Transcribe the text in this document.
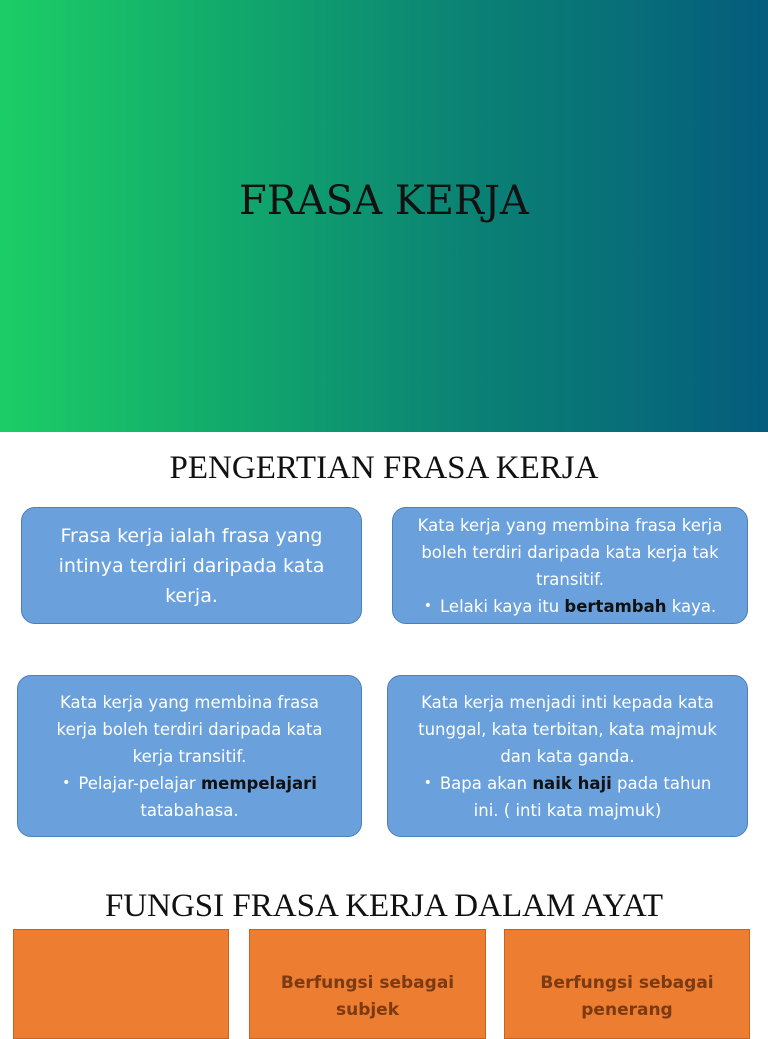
FRASA KERJA
PENGERTIAN FRASA KERJA
Frasa kerja ialah frasa yang
intinya terdiri daripada kata
kerja.
Kata kerja yang membina frasa kerja
boleh terdiri daripada kata kerja tak
transitif.
• Lelaki kaya itu bertambah kaya.
Kata kerja yang membina frasa
kerja boleh terdiri daripada kata
kerja transitif.
• Pelajar-pelajar mempelajari
tatabahasa.
Kata kerja menjadi inti kepada kata
tunggal, kata terbitan, kata majmuk
dan kata ganda.
• Bapa akan naik haji pada tahun
ini. ( inti kata majmuk)
FUNGSI FRASA KERJA DALAM AYAT
Berfungsi sebagai
subjek
Berfungsi sebagai
penerang
